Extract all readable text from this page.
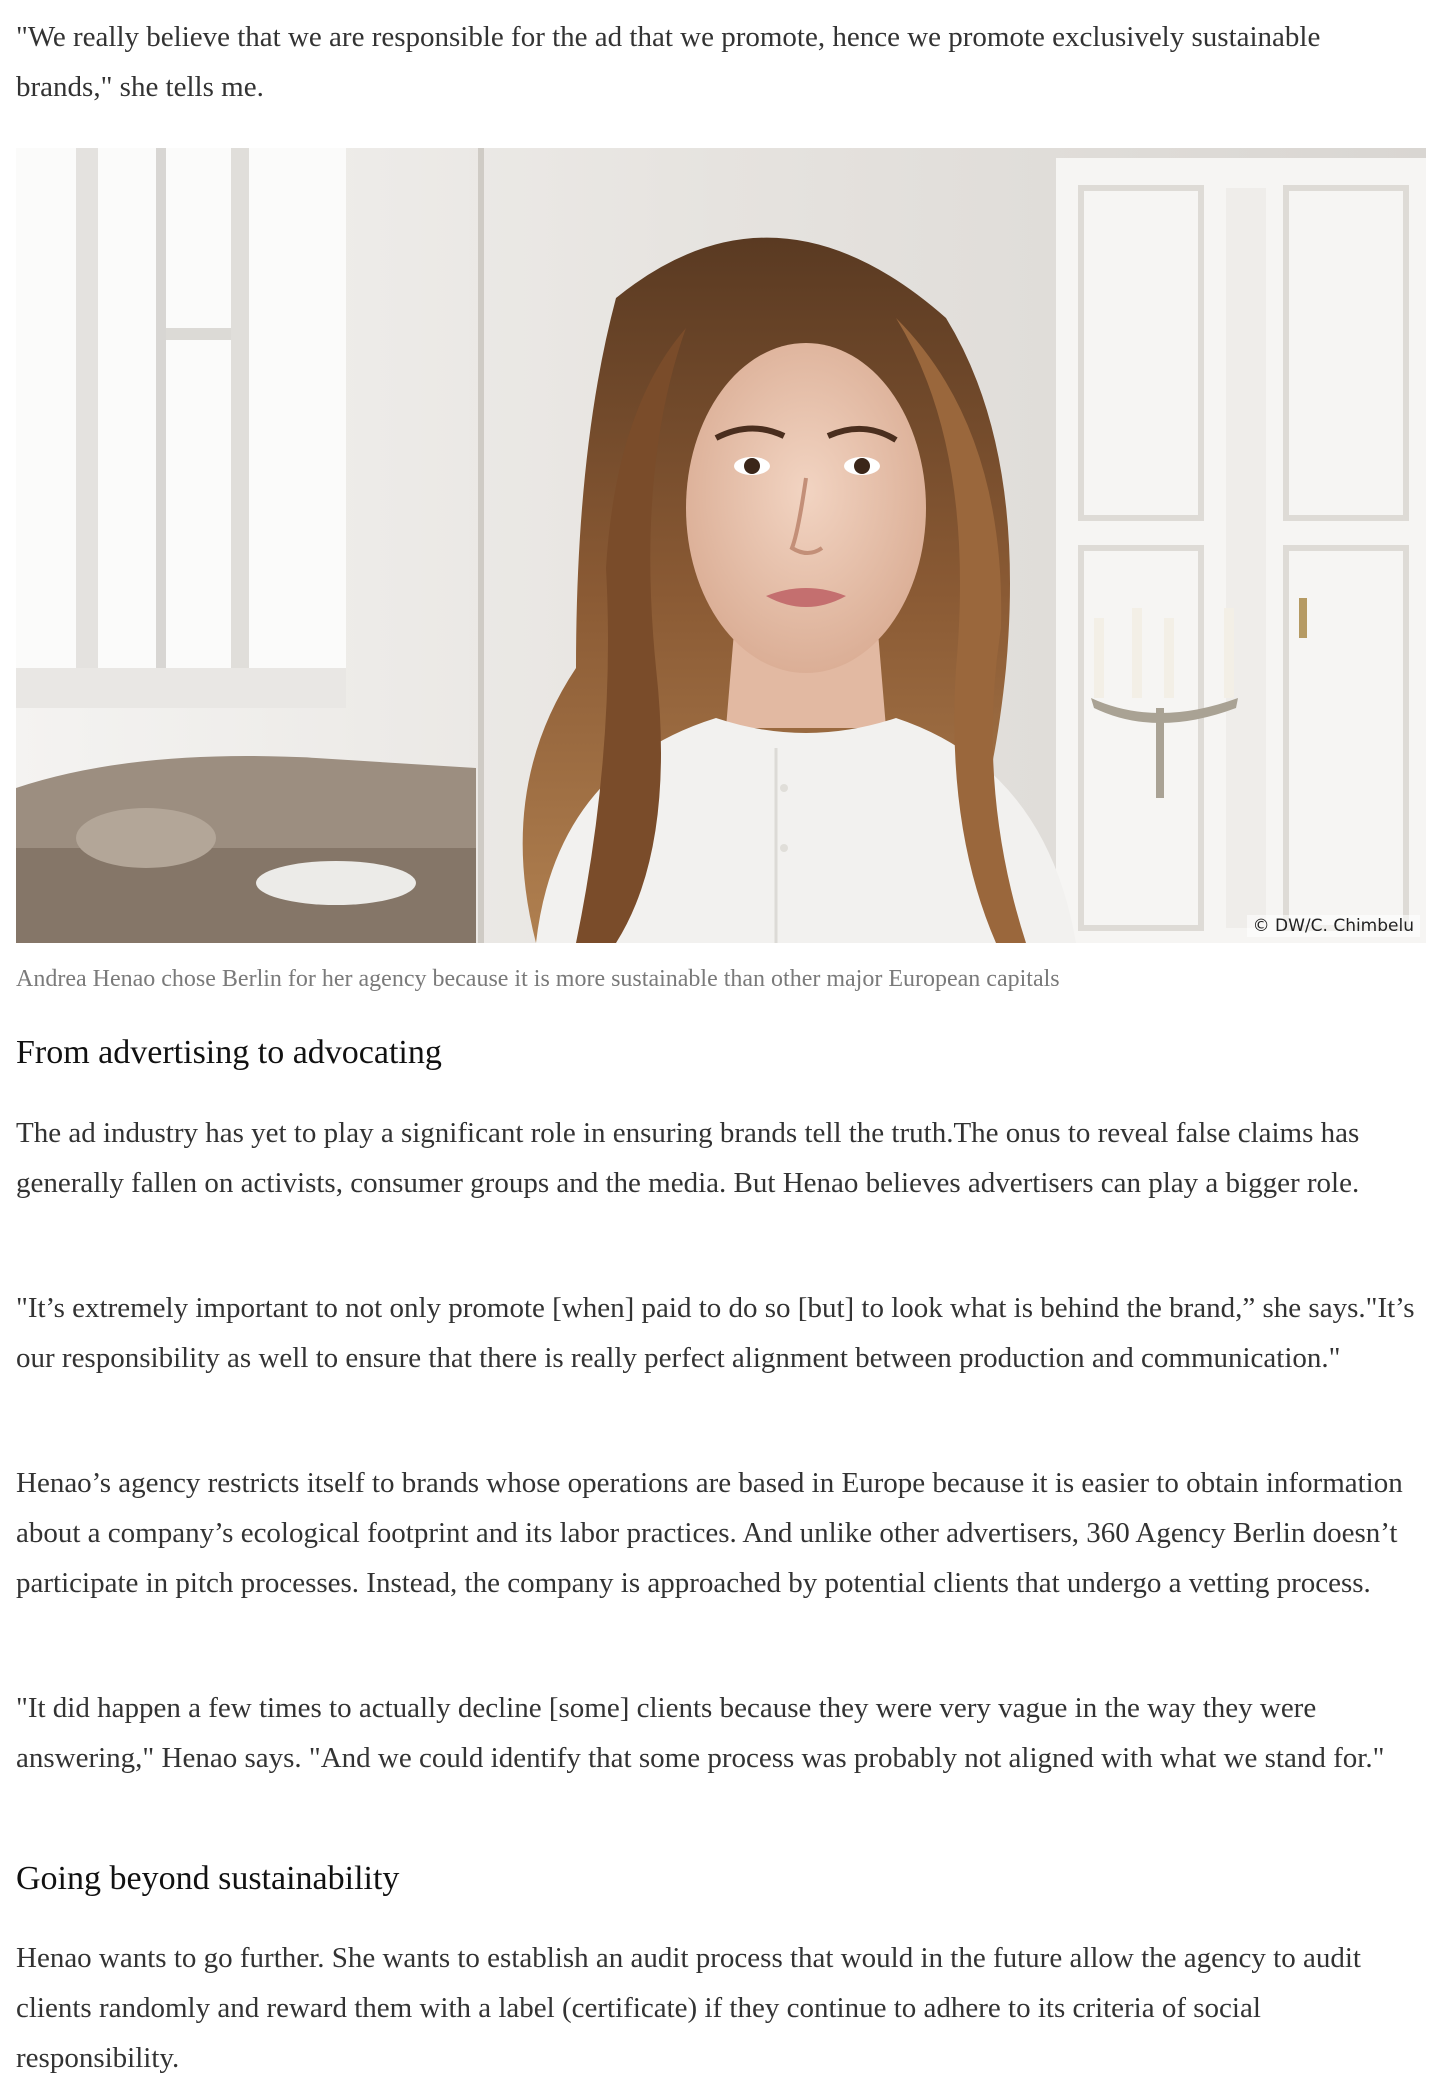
"We really believe that we are responsible for the ad that we promote, hence we promote exclusively sustainable brands," she tells me.

© DW/C. Chimbelu

Andrea Henao chose Berlin for her agency because it is more sustainable than other major European capitals

From advertising to advocating

The ad industry has yet to play a significant role in ensuring brands tell the truth.The onus to reveal false claims has generally fallen on activists, consumer groups and the media. But Henao believes advertisers can play a bigger role.

"It’s extremely important to not only promote [when] paid to do so [but] to look what is behind the brand,” she says."It’s our responsibility as well to ensure that there is really perfect alignment between production and communication."

Henao’s agency restricts itself to brands whose operations are based in Europe because it is easier to obtain information about a company’s ecological footprint and its labor practices. And unlike other advertisers, 360 Agency Berlin doesn’t participate in pitch processes. Instead, the company is approached by potential clients that undergo a vetting process.

"It did happen a few times to actually decline [some] clients because they were very vague in the way they were answering," Henao says. "And we could identify that some process was probably not aligned with what we stand for."

Going beyond sustainability

Henao wants to go further. She wants to establish an audit process that would in the future allow the agency to audit clients randomly and reward them with a label (certificate) if they continue to adhere to its criteria of social responsibility.
